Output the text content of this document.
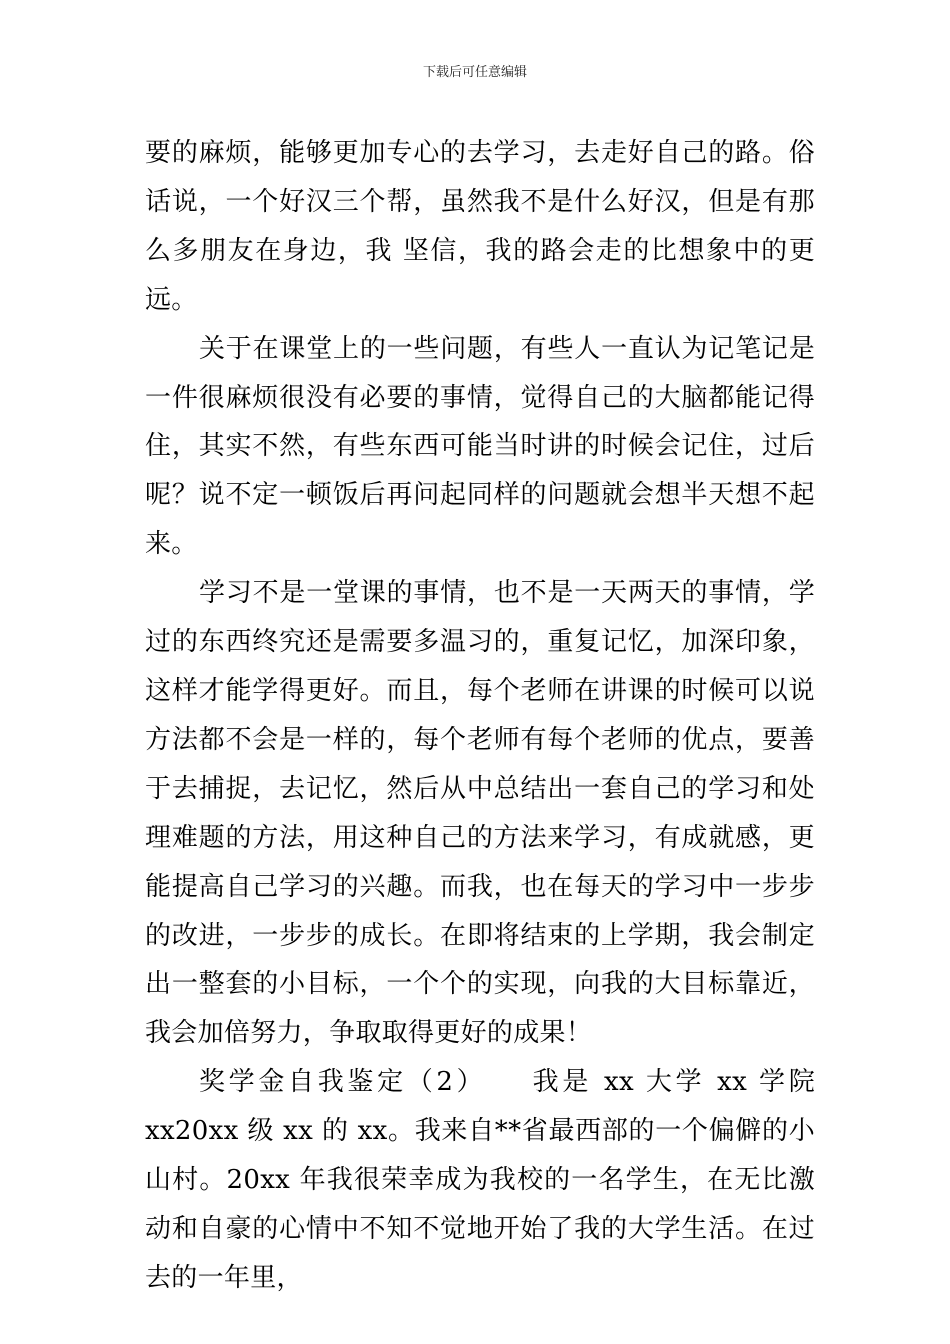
下载后可任意编辑

要的麻烦，能够更加专心的去学习，去走好自己的路。俗话说，一个好汉三个帮，虽然我不是什么好汉，但是有那么多朋友在身边，我 坚信，我的路会走的比想象中的更远。

关于在课堂上的一些问题，有些人一直认为记笔记是一件很麻烦很没有必要的事情，觉得自己的大脑都能记得住，其实不然，有些东西可能当时讲的时候会记住，过后呢？说不定一顿饭后再问起同样的问题就会想半天想不起来。

学习不是一堂课的事情，也不是一天两天的事情，学过的东西终究还是需要多温习的，重复记忆，加深印象，这样才能学得更好。而且，每个老师在讲课的时候可以说方法都不会是一样的，每个老师有每个老师的优点，要善于去捕捉，去记忆，然后从中总结出一套自己的学习和处理难题的方法，用这种自己的方法来学习，有成就感，更能提高自己学习的兴趣。而我，也在每天的学习中一步步的改进，一步步的成长。在即将结束的上学期，我会制定出一整套的小目标，一个个的实现，向我的大目标靠近，我会加倍努力，争取取得更好的成果！

奖学金自我鉴定（2）　　我是 xx 大学 xx 学院 xx20xx 级 xx 的 xx。我来自**省最西部的一个偏僻的小山村。20xx 年我很荣幸成为我校的一名学生，在无比激动和自豪的心情中不知不觉地开始了我的大学生活。在过去的一年里，
